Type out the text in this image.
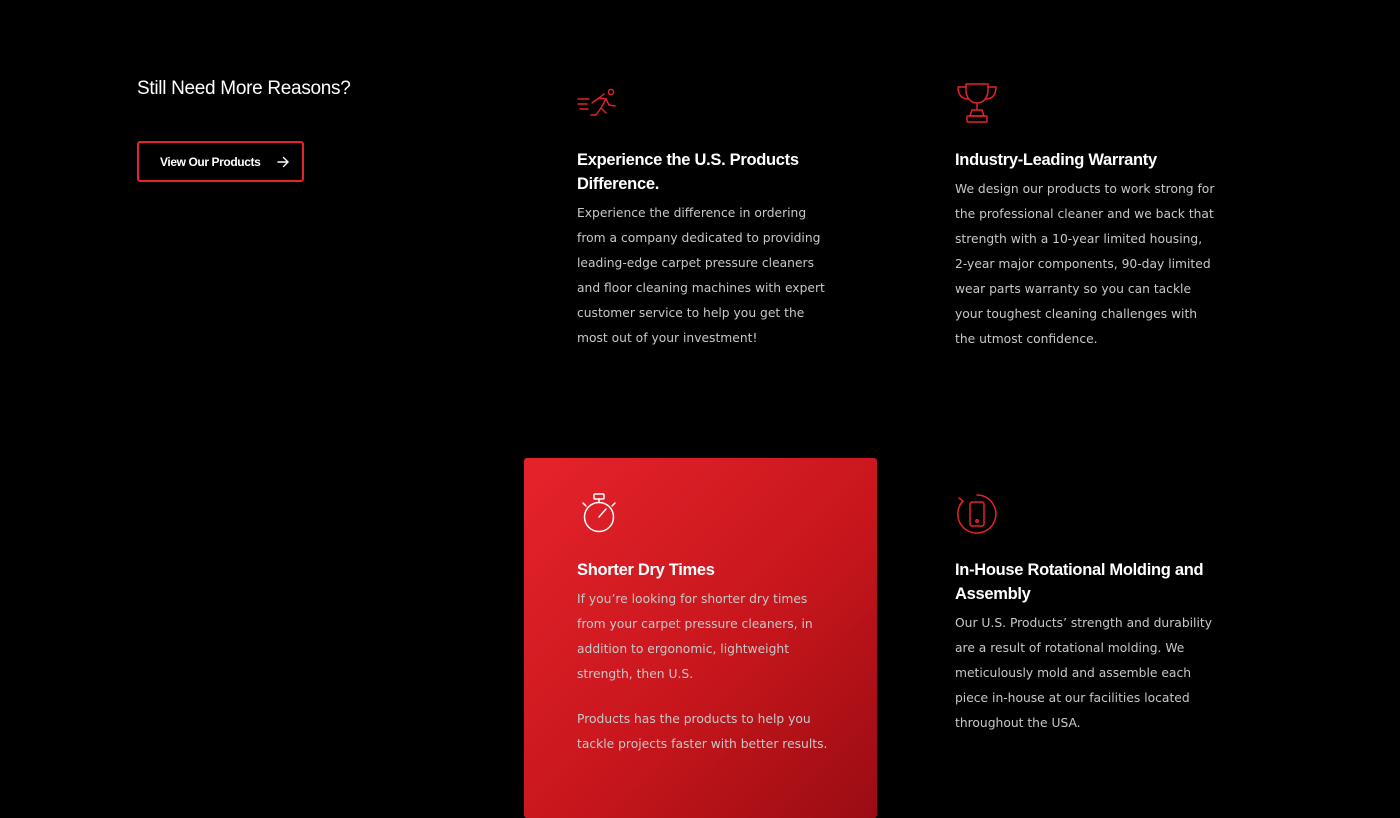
Still Need More Reasons?
View Our Products	Experience the U.S. Products Difference.

Experience the difference in ordering from a company dedicated to providing leading-edge carpet pressure cleaners and floor cleaning machines with expert customer service to help you get the most out of your investment!

Industry-Leading Warranty

We design our products to work strong for the professional cleaner and we back that strength with a 10-year limited housing, 2-year major components, 90-day limited wear parts warranty so you can tackle your toughest cleaning challenges with the utmost confidence.

Shorter Dry Times

If you’re looking for shorter dry times from your carpet pressure cleaners, in addition to ergonomic, lightweight strength, then U.S.

Products has the products to help you tackle projects faster with better results.

In-House Rotational Molding and Assembly

Our U.S. Products’ strength and durability are a result of rotational molding. We meticulously mold and assemble each piece in-house at our facilities located throughout the USA.
